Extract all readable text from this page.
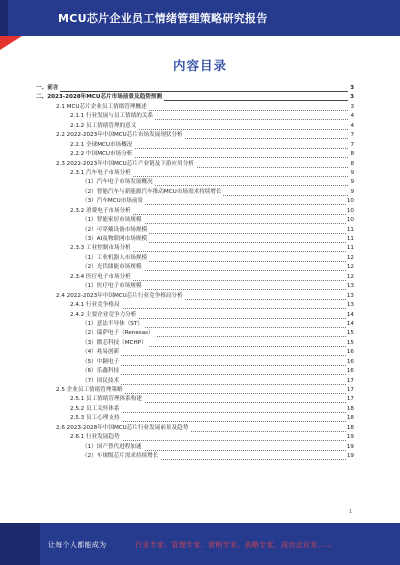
MCU芯片企业员工情绪管理策略研究报告
内容目录
一、前言	3
二、2023-2028年MCU芯片市场前景及趋势预测	3
2.1 MCU芯片企业员工情绪管理概述	3
2.1.1 行业发展与员工情绪的关系	4
2.1.2 员工情绪管理的意义	4
2.2 2022-2023年中国MCU芯片市场发展现状分析	7
2.2.1 全球MCU市场概况	7
2.2.2 中国MCU市场分析	8
2.3 2022-2023年中国MCU芯片产业链及下游应用分析	8
2.3.1 汽车电子市场分析	9
（1）汽车电子市场发展概况	9
（2）智能汽车与新能源汽车推动MCU市场需求持续增长	9
（3）汽车MCU市场前景	10
2.3.2 消费电子市场分析	10
（1）智能家居市场规模	10
（2）可穿戴设备市场规模	11
（3）AI及物联网市场规模	11
2.3.3 工业控制市场分析	11
（1）工业机器人市场规模	12
（2）光伏储能市场规模	12
2.3.4 医疗电子市场分析	12
（1）医疗电子市场规模	13
2.4 2022-2023年中国MCU芯片行业竞争格局分析	13
2.4.1 行业竞争格局	13
2.4.2 主要企业竞争力分析	14
（1）意法半导体（ST）	14
（2）瑞萨电子（Renesas）	15
（3）微芯科技（MCHP）	15
（4）兆易创新	16
（5）中颖电子	16
（6）乐鑫科技	16
（7）国民技术	17
2.5 企业员工情绪管理策略	17
2.5.1 员工情绪管理体系构建	17
2.5.2 员工关怀体系	18
2.5.3 员工心理支持	18
2.6 2023-2028年中国MCU芯片行业发展前景及趋势	18
2.6.1 行业发展趋势	19
（1）国产替代进程加速	19
（2）车规级芯片需求持续增长	19
1
让每个人都能成为	行业专家、管理专家、营销专家、战略专家、成功企业家……
